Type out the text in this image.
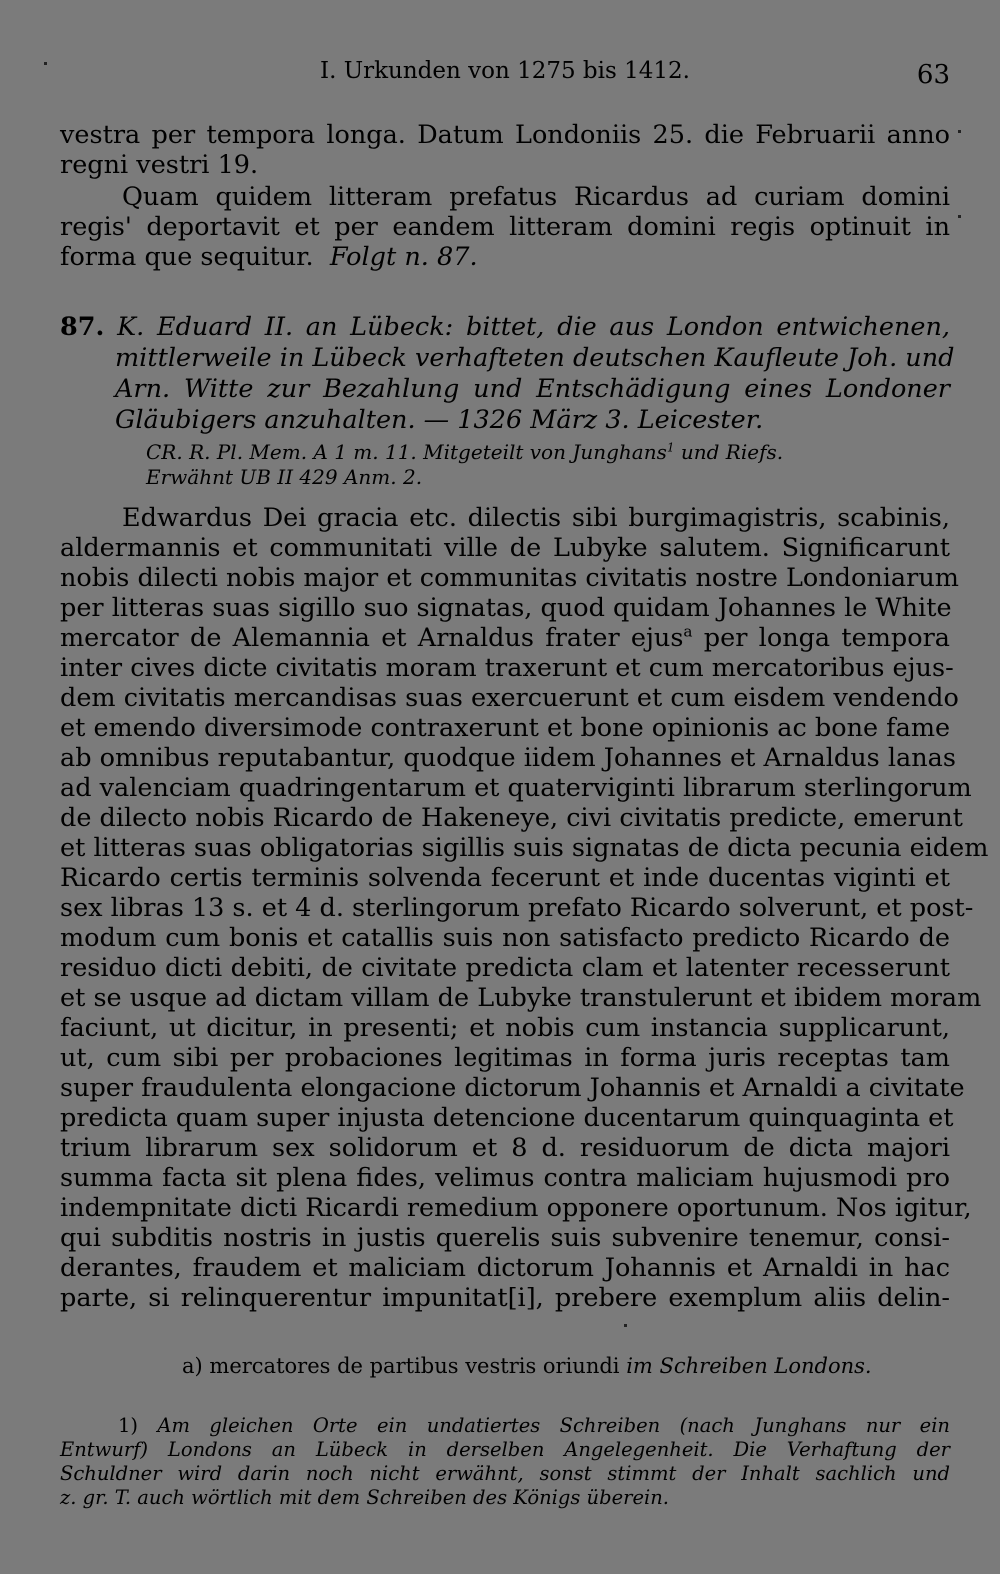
I. Urkunden von 1275 bis 1412.	63
vestra per tempora longa. Datum Londoniis 25. die Februarii anno
regni vestri 19.
Quam quidem litteram prefatus Ricardus ad curiam domini
regis' deportavit et per eandem litteram domini regis optinuit in
forma que sequitur. Folgt n. 87.
87. K. Eduard II. an Lübeck: bittet, die aus London entwichenen,
mittlerweile in Lübeck verhafteten deutschen Kaufleute Joh. und
Arn. Witte zur Bezahlung und Entschädigung eines Londoner
Gläubigers anzuhalten. — 1326 März 3. Leicester.
CR. R. Pl. Mem. A 1 m. 11. Mitgeteilt von Junghans$^1$ und Riefs.
Erwähnt UB II 429 Anm. 2.
Edwardus Dei gracia etc. dilectis sibi burgimagistris, scabinis,
aldermannis et communitati ville de Lubyke salutem. Significarunt
nobis dilecti nobis major et communitas civitatis nostre Londoniarum
per litteras suas sigillo suo signatas, quod quidam Johannes le White
mercator de Alemannia et Arnaldus frater ejus$^a$ per longa tempora
inter cives dicte civitatis moram traxerunt et cum mercatoribus ejus-
dem civitatis mercandisas suas exercuerunt et cum eisdem vendendo
et emendo diversimode contraxerunt et bone opinionis ac bone fame
ab omnibus reputabantur, quodque iidem Johannes et Arnaldus lanas
ad valenciam quadringentarum et quaterviginti librarum sterlingorum
de dilecto nobis Ricardo de Hakeneye, civi civitatis predicte, emerunt
et litteras suas obligatorias sigillis suis signatas de dicta pecunia eidem
Ricardo certis terminis solvenda fecerunt et inde ducentas viginti et
sex libras 13 s. et 4 d. sterlingorum prefato Ricardo solverunt, et post-
modum cum bonis et catallis suis non satisfacto predicto Ricardo de
residuo dicti debiti, de civitate predicta clam et latenter recesserunt
et se usque ad dictam villam de Lubyke transtulerunt et ibidem moram
faciunt, ut dicitur, in presenti; et nobis cum instancia supplicarunt,
ut, cum sibi per probaciones legitimas in forma juris receptas tam
super fraudulenta elongacione dictorum Johannis et Arnaldi a civitate
predicta quam super injusta detencione ducentarum quinquaginta et
trium librarum sex solidorum et 8 d. residuorum de dicta majori
summa facta sit plena fides, velimus contra maliciam hujusmodi pro
indempnitate dicti Ricardi remedium opponere oportunum. Nos igitur,
qui subditis nostris in justis querelis suis subvenire tenemur, consi-
derantes, fraudem et maliciam dictorum Johannis et Arnaldi in hac
parte, si relinquerentur impunitat[i], prebere exemplum aliis delin-
a) mercatores de partibus vestris oriundi im Schreiben Londons.
1) Am gleichen Orte ein undatiertes Schreiben (nach Junghans nur ein
Entwurf) Londons an Lübeck in derselben Angelegenheit. Die Verhaftung der
Schuldner wird darin noch nicht erwähnt, sonst stimmt der Inhalt sachlich und
z. gr. T. auch wörtlich mit dem Schreiben des Königs überein.
